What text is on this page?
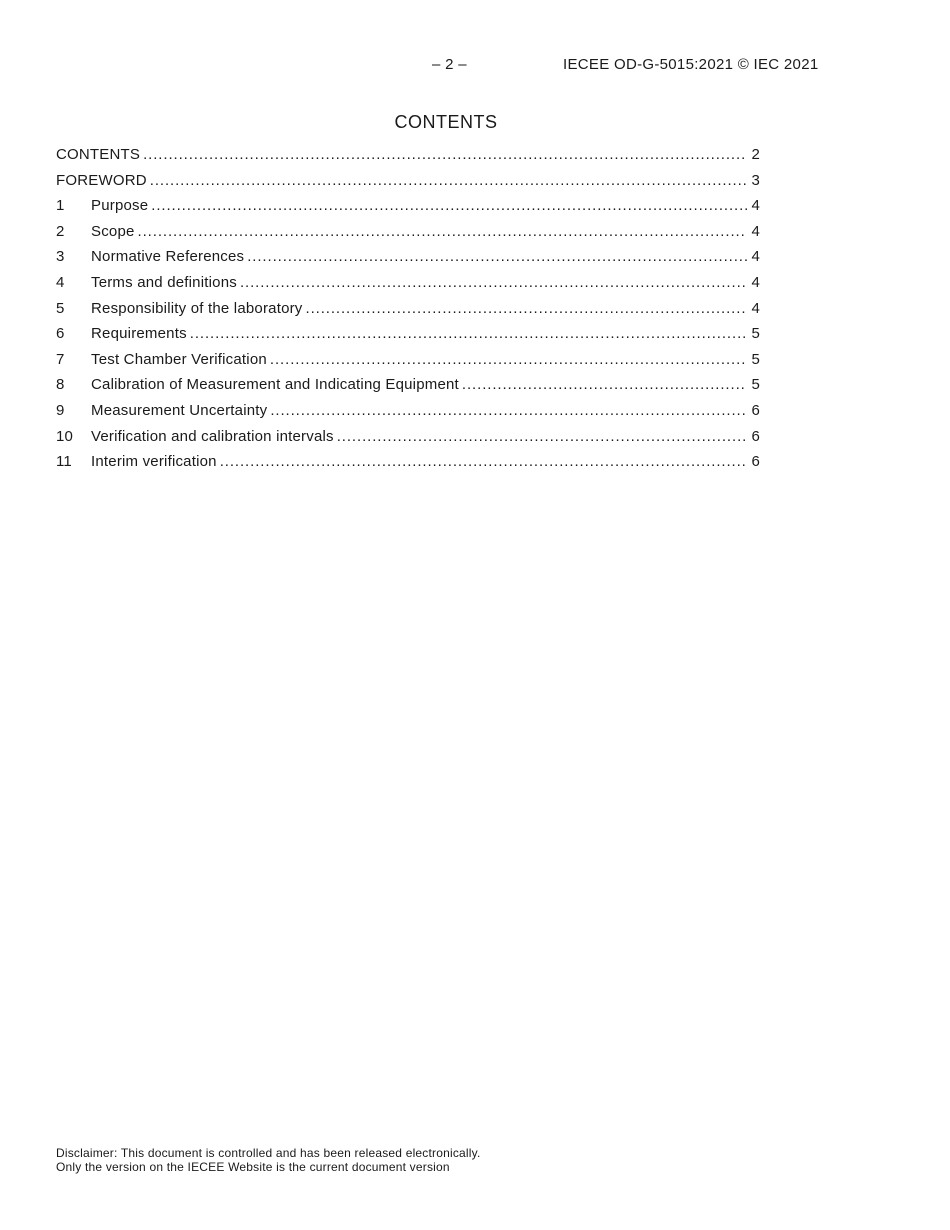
– 2 –	IECEE OD-G-5015:2021 © IEC 2021
CONTENTS
CONTENTS .....	2
FOREWORD .....	3
1	Purpose .....	4
2	Scope .....	4
3	Normative References .....	4
4	Terms and definitions .....	4
5	Responsibility of the laboratory .....	4
6	Requirements .....	5
7	Test Chamber Verification .....	5
8	Calibration of Measurement and Indicating Equipment .....	5
9	Measurement Uncertainty .....	6
10	Verification and calibration intervals .....	6
11	Interim verification .....	6
Disclaimer: This document is controlled and has been released electronically.
Only the version on the IECEE Website is the current document version
